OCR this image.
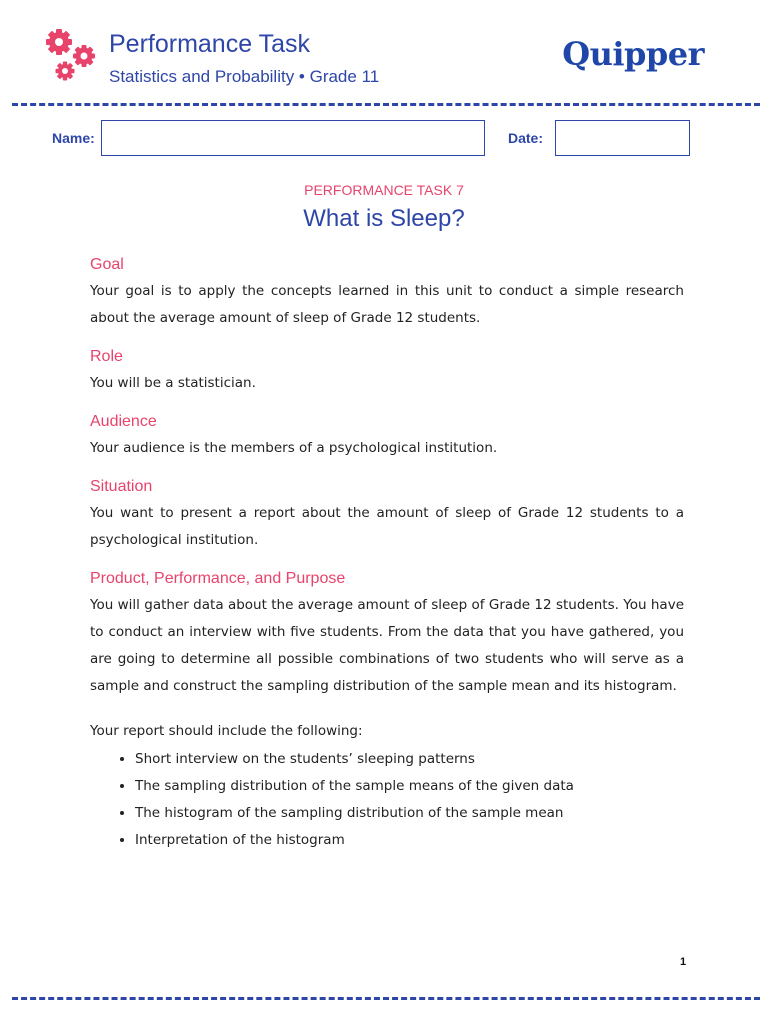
Performance Task
Statistics and Probability • Grade 11
Quipper
Name:	Date:
PERFORMANCE TASK 7
What is Sleep?
Goal

Your goal is to apply the concepts learned in this unit to conduct a simple research about the average amount of sleep of Grade 12 students.

Role

You will be a statistician.

Audience

Your audience is the members of a psychological institution.

Situation

You want to present a report about the amount of sleep of Grade 12 students to a psychological institution.

Product, Performance, and Purpose

You will gather data about the average amount of sleep of Grade 12 students. You have to conduct an interview with five students. From the data that you have gathered, you are going to determine all possible combinations of two students who will serve as a sample and construct the sampling distribution of the sample mean and its histogram.

Your report should include the following:

• Short interview on the students’ sleeping patterns
• The sampling distribution of the sample means of the given data
• The histogram of the sampling distribution of the sample mean
• Interpretation of the histogram
1
